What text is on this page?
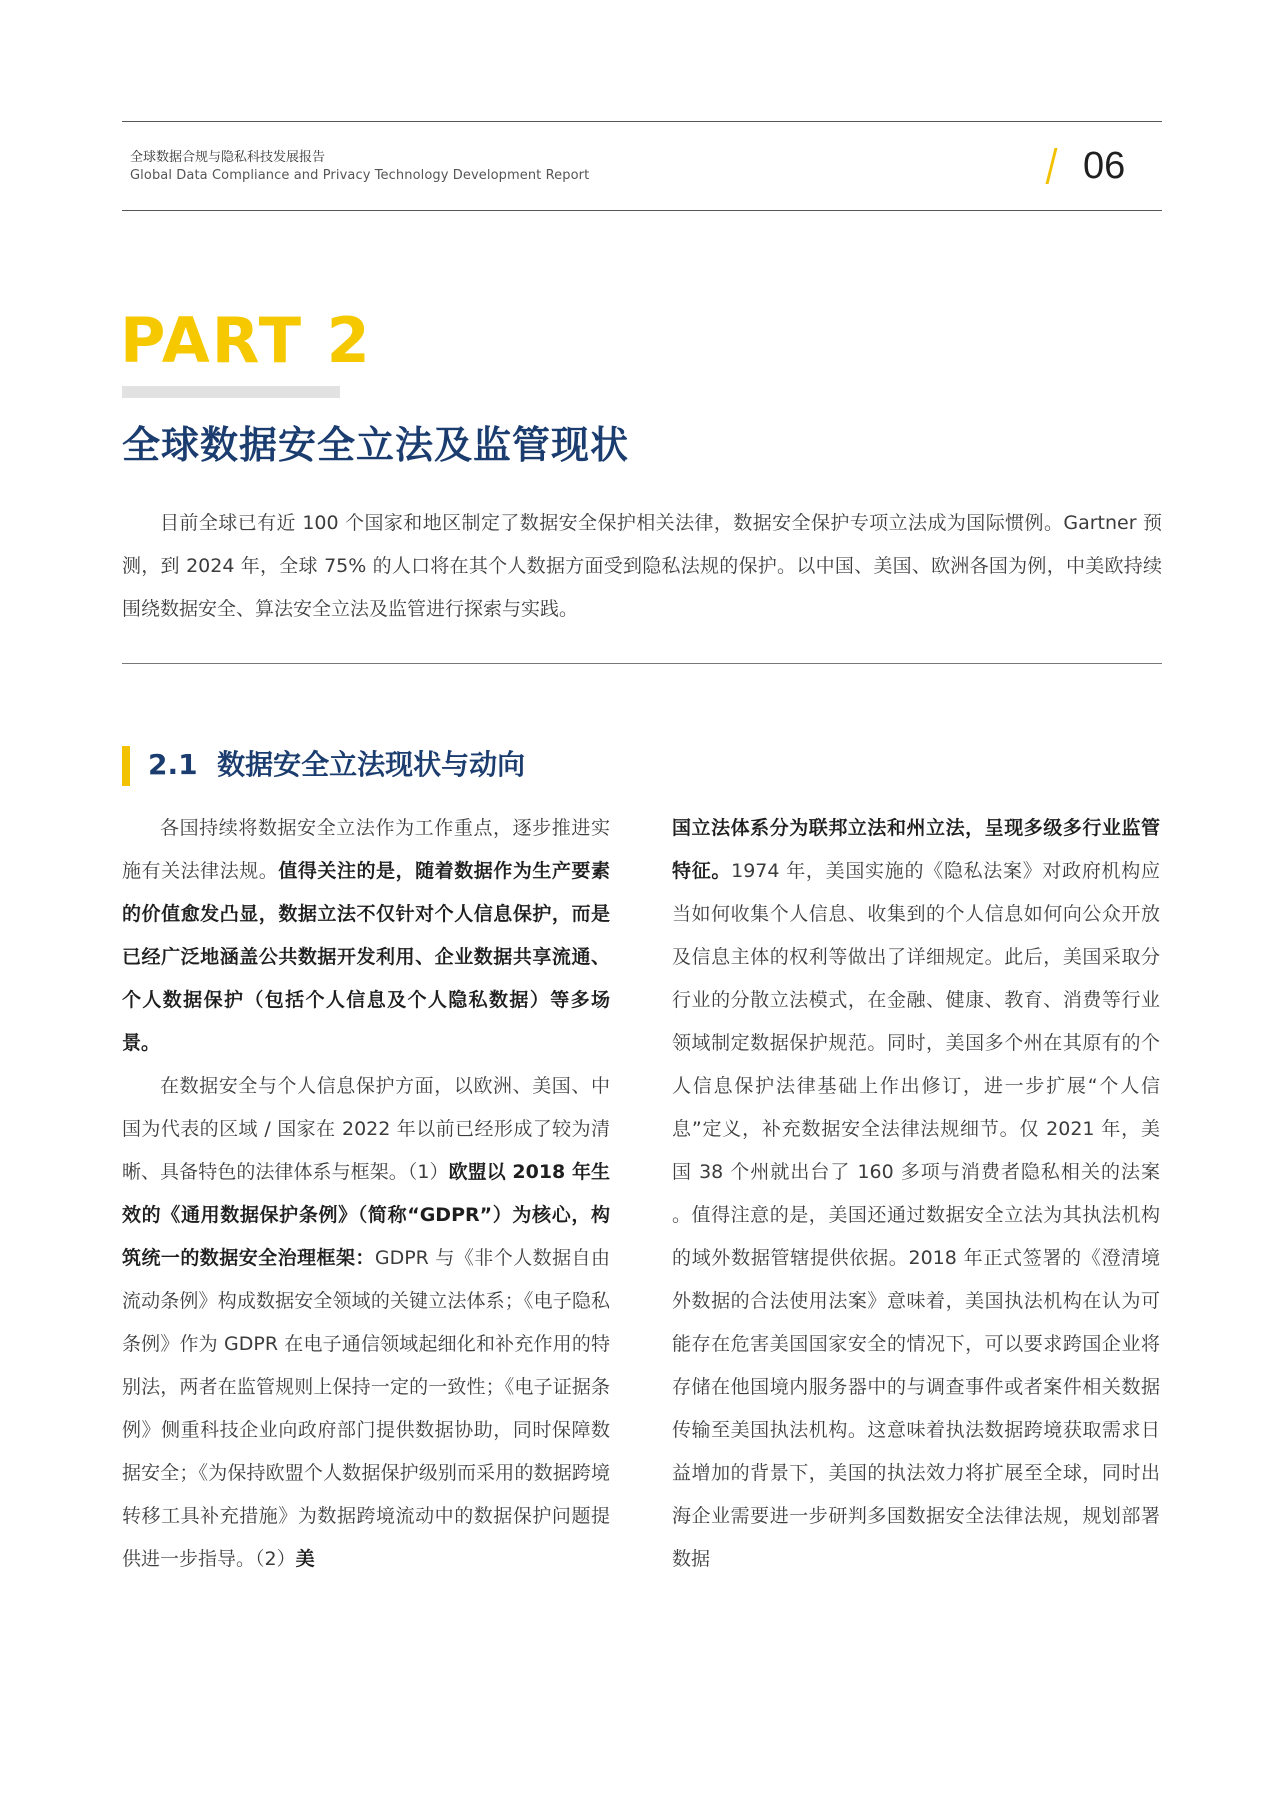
全球数据合规与隐私科技发展报告
Global Data Compliance and Privacy Technology Development Report	06
PART 2
全球数据安全立法及监管现状

目前全球已有近 100 个国家和地区制定了数据安全保护相关法律，数据安全保护专项立法成为国际惯例。Gartner 预测，到 2024 年，全球 75% 的人口将在其个人数据方面受到隐私法规的保护。以中国、美国、欧洲各国为例，中美欧持续围绕数据安全、算法安全立法及监管进行探索与实践。

2.1 数据安全立法现状与动向

各国持续将数据安全立法作为工作重点，逐步推进实施有关法律法规。值得关注的是，随着数据作为生产要素的价值愈发凸显，数据立法不仅针对个人信息保护，而是已经广泛地涵盖公共数据开发利用、企业数据共享流通、个人数据保护（包括个人信息及个人隐私数据）等多场景。

在数据安全与个人信息保护方面，以欧洲、美国、中国为代表的区域 / 国家在 2022 年以前已经形成了较为清晰、具备特色的法律体系与框架。（1）欧盟以 2018 年生效的《通用数据保护条例》（简称“GDPR”）为核心，构筑统一的数据安全治理框架：GDPR 与《非个人数据自由流动条例》构成数据安全领域的关键立法体系；《电子隐私条例》作为 GDPR 在电子通信领域起细化和补充作用的特别法，两者在监管规则上保持一定的一致性；《电子证据条例》侧重科技企业向政府部门提供数据协助，同时保障数据安全；《为保持欧盟个人数据保护级别而采用的数据跨境转移工具补充措施》为数据跨境流动中的数据保护问题提供进一步指导。（2）美

国立法体系分为联邦立法和州立法，呈现多级多行业监管特征。1974 年，美国实施的《隐私法案》对政府机构应当如何收集个人信息、收集到的个人信息如何向公众开放及信息主体的权利等做出了详细规定。此后，美国采取分行业的分散立法模式，在金融、健康、教育、消费等行业领域制定数据保护规范。同时，美国多个州在其原有的个人信息保护法律基础上作出修订，进一步扩展“个人信息”定义，补充数据安全法律法规细节。仅 2021 年，美国 38 个州就出台了 160 多项与消费者隐私相关的法案 。值得注意的是，美国还通过数据安全立法为其执法机构的域外数据管辖提供依据。2018 年正式签署的《澄清境外数据的合法使用法案》意味着，美国执法机构在认为可能存在危害美国国家安全的情况下，可以要求跨国企业将存储在他国境内服务器中的与调查事件或者案件相关数据传输至美国执法机构。这意味着执法数据跨境获取需求日益增加的背景下，美国的执法效力将扩展至全球，同时出海企业需要进一步研判多国数据安全法律法规，规划部署数据
